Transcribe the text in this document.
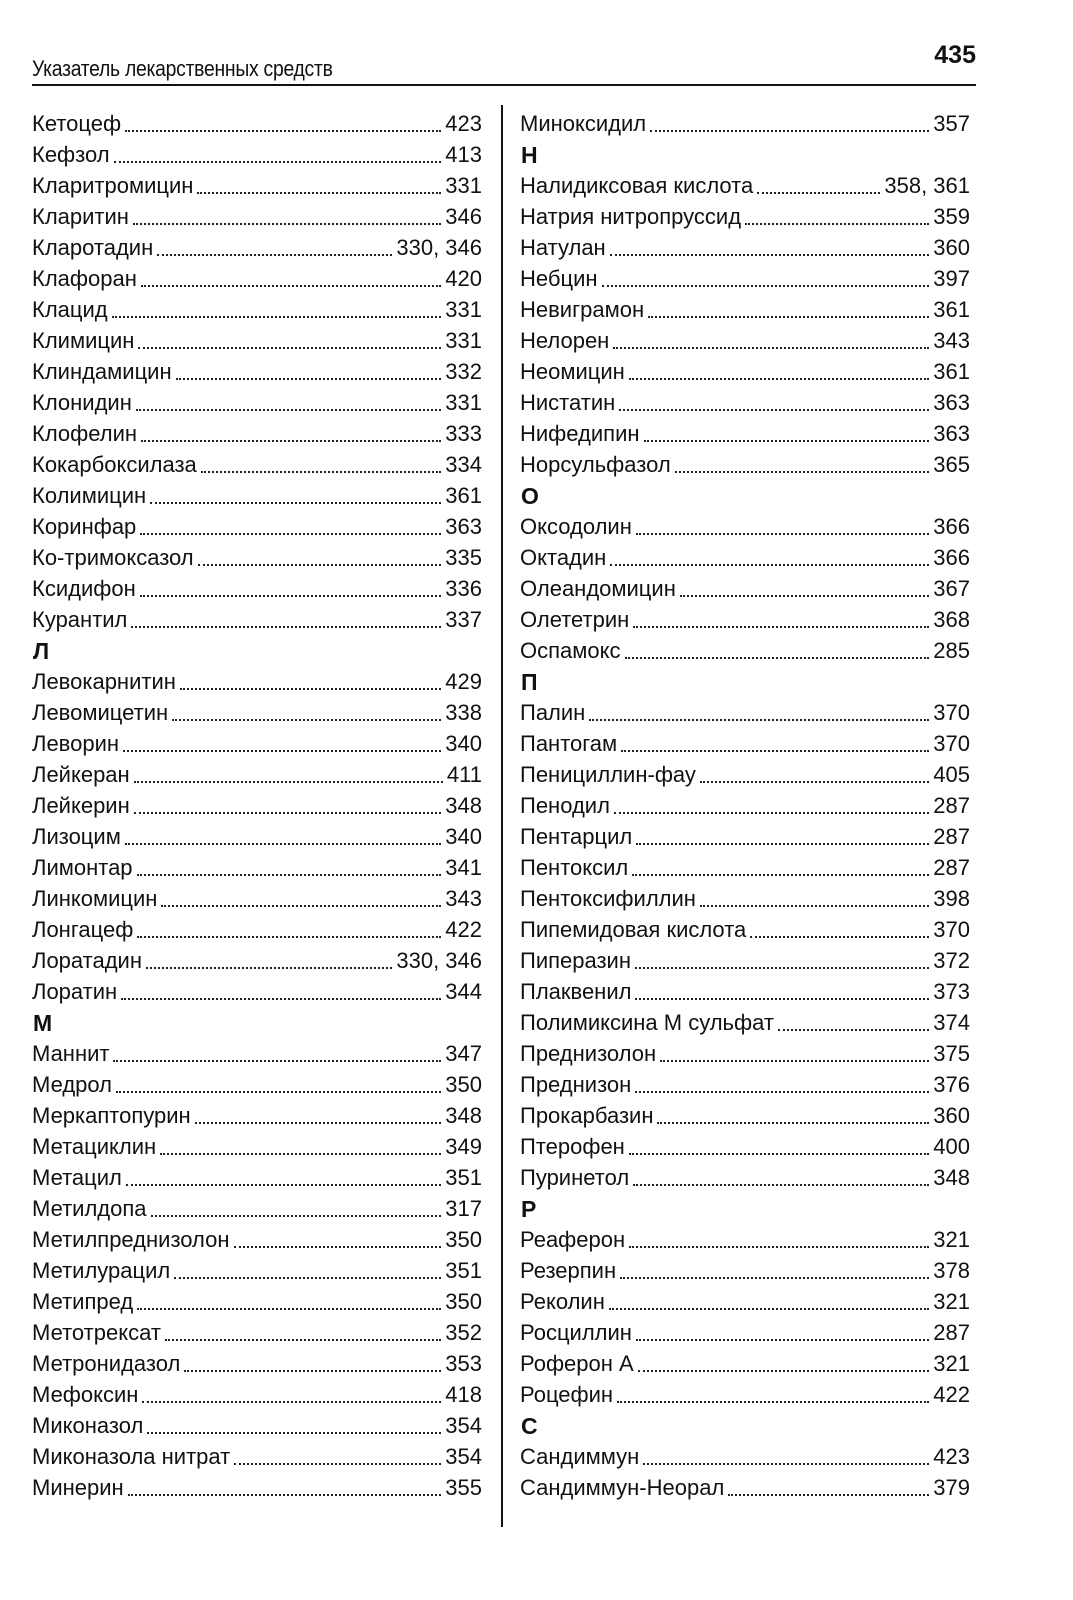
Указатель лекарственных средств	435
Кетоцеф	423
Кефзол	413
Кларитромицин	331
Кларитин	346
Кларотадин	330, 346
Клафоран	420
Клацид	331
Климицин	331
Клиндамицин	332
Клонидин	331
Клофелин	333
Кокарбоксилаза	334
Колимицин	361
Коринфар	363
Ко-тримоксазол	335
Ксидифон	336
Курантил	337
Л
Левокарнитин	429
Левомицетин	338
Леворин	340
Лейкеран	411
Лейкерин	348
Лизоцим	340
Лимонтар	341
Линкомицин	343
Лонгацеф	422
Лоратадин	330, 346
Лоратин	344
М
Маннит	347
Медрол	350
Меркаптопурин	348
Метациклин	349
Метацил	351
Метилдопа	317
Метилпреднизолон	350
Метилурацил	351
Метипред	350
Метотрексат	352
Метронидазол	353
Мефоксин	418
Миконазол	354
Миконазола нитрат	354
Минерин	355
Миноксидил	357
Н
Налидиксовая кислота	358, 361
Натрия нитропруссид	359
Натулан	360
Небцин	397
Невиграмон	361
Нелорен	343
Неомицин	361
Нистатин	363
Нифедипин	363
Норсульфазол	365
О
Оксодолин	366
Октадин	366
Олеандомицин	367
Олететрин	368
Оспамокс	285
П
Палин	370
Пантогам	370
Пенициллин-фау	405
Пенодил	287
Пентарцил	287
Пентоксил	287
Пентоксифиллин	398
Пипемидовая кислота	370
Пиперазин	372
Плаквенил	373
Полимиксина М сульфат	374
Преднизолон	375
Преднизон	376
Прокарбазин	360
Птерофен	400
Пуринетол	348
Р
Реаферон	321
Резерпин	378
Реколин	321
Росциллин	287
Роферон А	321
Роцефин	422
С
Сандиммун	423
Сандиммун-Неорал	379
